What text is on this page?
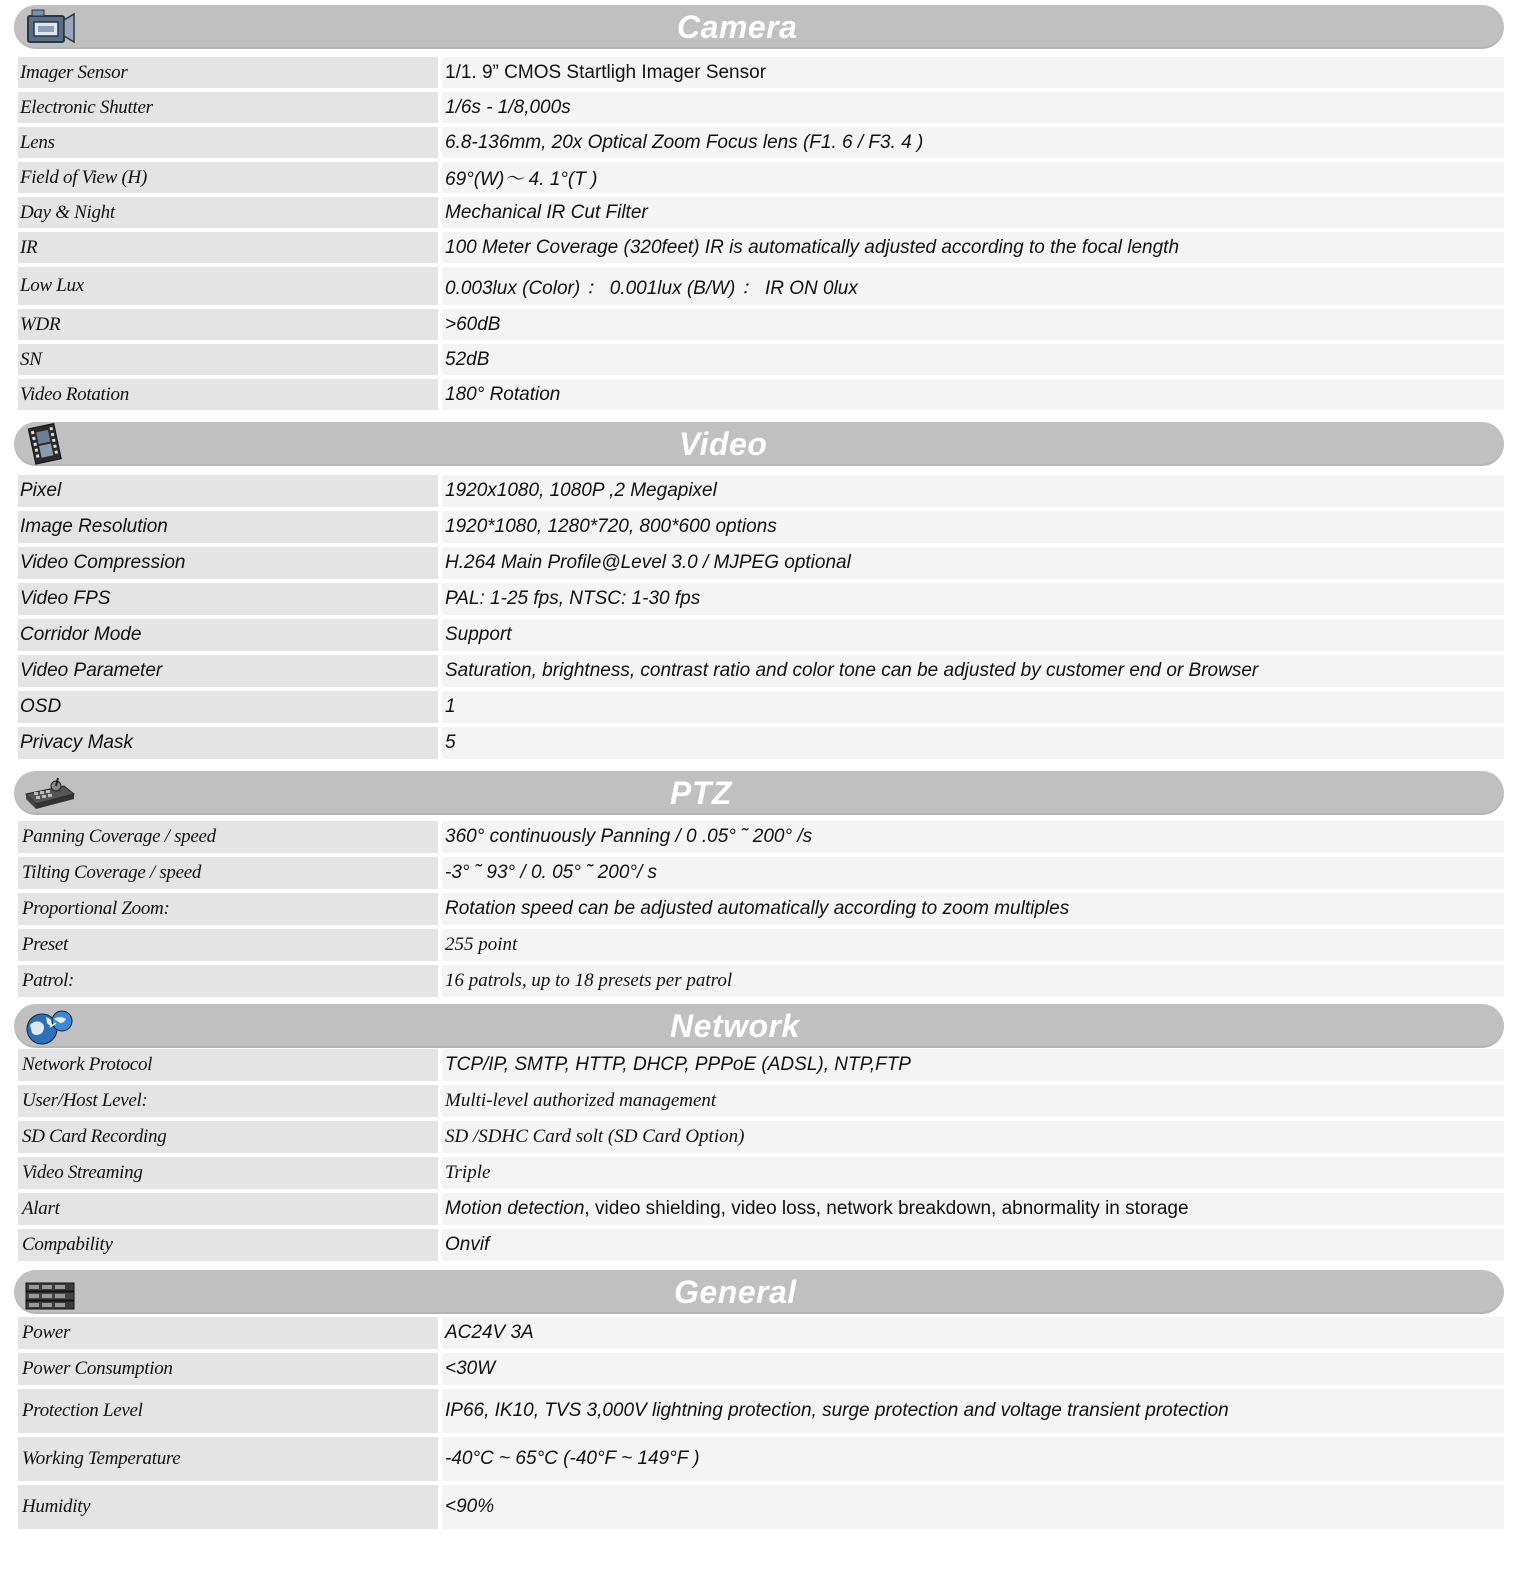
Camera
Imager Sensor	1/1. 9” CMOS Startligh Imager Sensor
Electronic Shutter	1/6s - 1/8,000s
Lens	6.8-136mm, 20x Optical Zoom Focus lens (F1. 6 / F3. 4 )
Field of View (H)	69°(W)～ 4. 1°(T )
Day & Night	Mechanical IR Cut Filter
IR	100 Meter Coverage (320feet) IR is automatically adjusted according to the focal length
Low Lux	0.003lux (Color) ： 0.001lux (B/W) ： IR ON 0lux
WDR	>60dB
SN	52dB
Video Rotation	180° Rotation
Video
Pixel	1920x1080, 1080P ,2 Megapixel
Image Resolution	1920*1080, 1280*720, 800*600 options
Video Compression	H.264 Main Profile@Level 3.0 / MJPEG optional
Video FPS	PAL: 1-25 fps, NTSC: 1-30 fps
Corridor Mode	Support
Video Parameter	Saturation, brightness, contrast ratio and color tone can be adjusted by customer end or Browser
OSD	1
Privacy Mask	5
PTZ
Panning Coverage / speed	360° continuously Panning / 0 .05° ˜ 200° /s
Tilting Coverage / speed	-3° ˜ 93° / 0. 05° ˜ 200°/ s
Proportional Zoom:	Rotation speed can be adjusted automatically according to zoom multiples
Preset	255 point
Patrol:	16 patrols, up to 18 presets per patrol
Network
Network Protocol	TCP/IP, SMTP, HTTP, DHCP, PPPoE (ADSL), NTP,FTP
User/Host Level:	Multi-level authorized management
SD Card Recording	SD /SDHC Card solt (SD Card Option)
Video Streaming	Triple
Alart	Motion detection , video shielding, video loss, network breakdown, abnormality in storage
Compability	Onvif
General
Power	AC24V 3A
Power Consumption	<30W
Protection Level	IP66, IK10, TVS 3,000V lightning protection, surge protection and voltage transient protection
Working Temperature	-40°C ~ 65°C (-40°F ~ 149°F )
Humidity	<90%
